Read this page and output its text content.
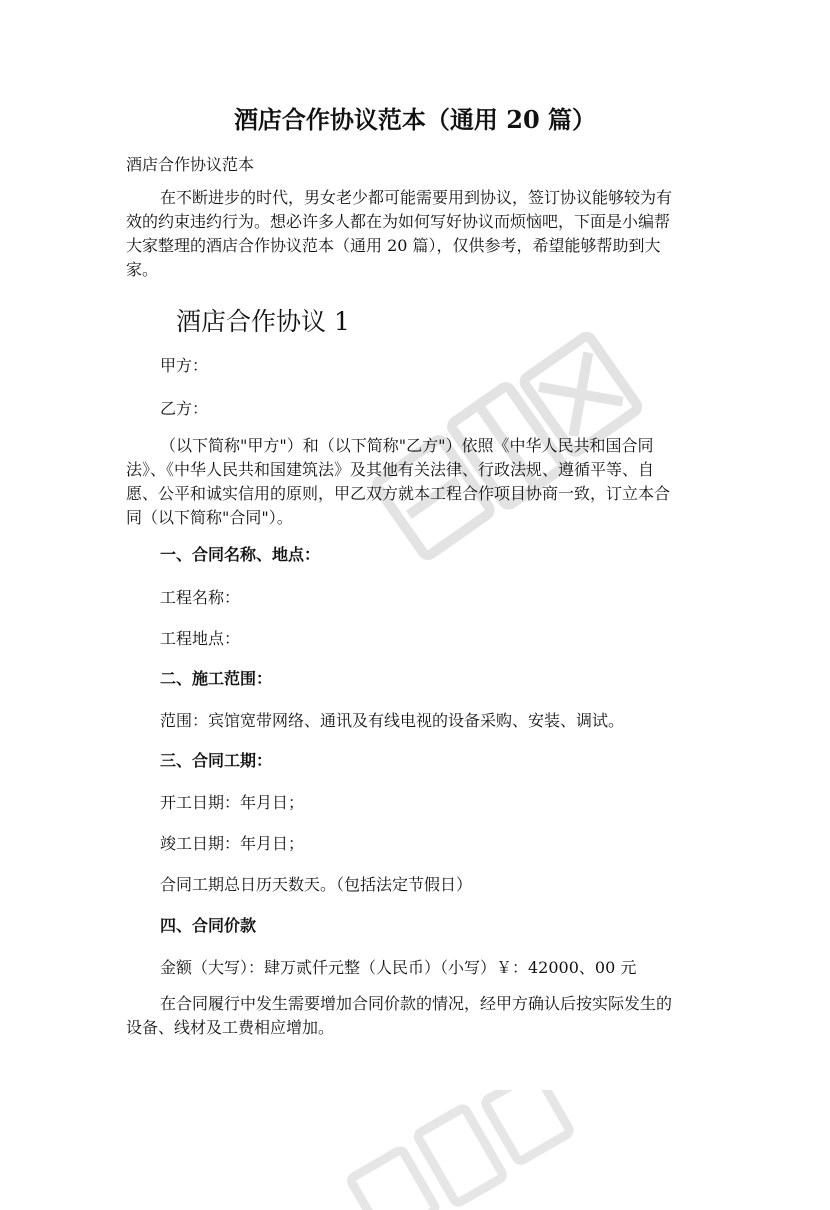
酒店合作协议范本（通用 20 篇）

酒店合作协议范本

在不断进步的时代，男女老少都可能需要用到协议，签订协议能够较为有

效的约束违约行为。想必许多人都在为如何写好协议而烦恼吧，下面是小编帮

大家整理的酒店合作协议范本（通用 20 篇），仅供参考，希望能够帮助到大

家。

酒店合作协议 1

甲方：

乙方：

（以下简称"甲方"）和（以下简称"乙方"）依照《中华人民共和国合同

法》、《中华人民共和国建筑法》及其他有关法律、行政法规、遵循平等、自

愿、公平和诚实信用的原则，甲乙双方就本工程合作项目协商一致，订立本合

同（以下简称"合同"）。

一、合同名称、地点：

工程名称：

工程地点：

二、施工范围：

范围：宾馆宽带网络、通讯及有线电视的设备采购、安装、调试。

三、合同工期：

开工日期：年月日；

竣工日期：年月日；

合同工期总日历天数天。（包括法定节假日）

四、合同价款

金额（大写）：肆万贰仟元整（人民币）（小写）￥：42000、00 元

在合同履行中发生需要增加合同价款的情况，经甲方确认后按实际发生的

设备、线材及工费相应增加。
